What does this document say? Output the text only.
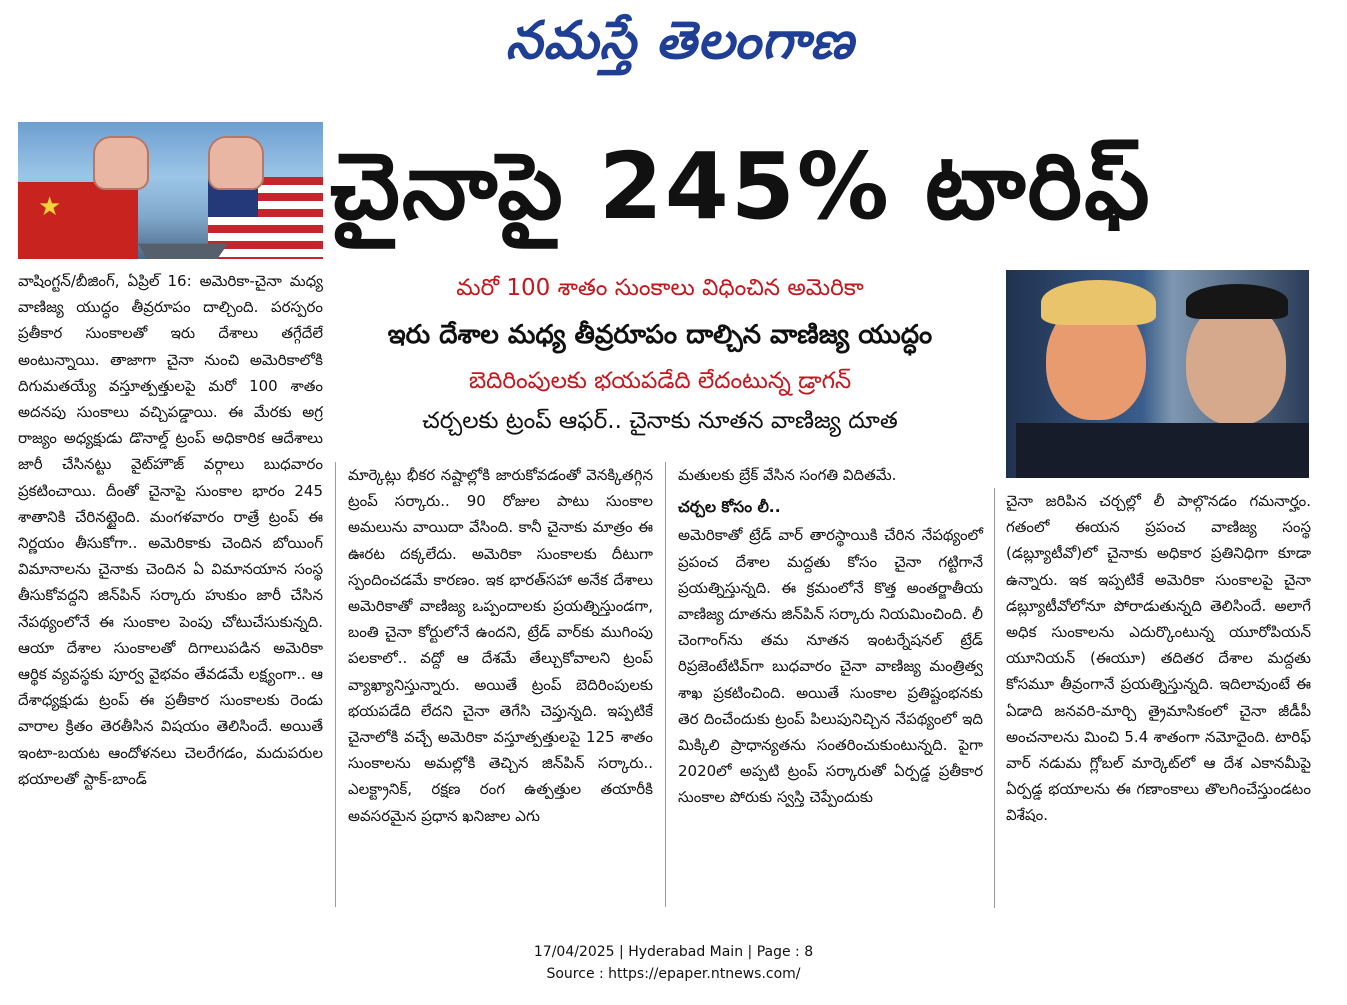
నమస్తే తెలంగాణ
★
చైనాపై 245% టారిఫ్
మరో 100 శాతం సుంకాలు విధించిన అమెరికా
ఇరు దేశాల మధ్య తీవ్రరూపం దాల్చిన వాణిజ్య యుద్ధం
బెదిరింపులకు భయపడేది లేదంటున్న డ్రాగన్
చర్చలకు ట్రంప్ ఆఫర్.. చైనాకు నూతన వాణిజ్య దూత

వాషింగ్టన్/బీజింగ్, ఏప్రిల్ 16: అమెరికా-చైనా మధ్య వాణిజ్య యుద్ధం తీవ్రరూపం దాల్చింది. పరస్పరం ప్రతీకార సుంకాలతో ఇరు దేశాలు తగ్గేదేలే అంటున్నాయి. తాజాగా చైనా నుంచి అమెరికాలోకి దిగుమతయ్యే వస్తూత్పత్తులపై మరో 100 శాతం అదనపు సుంకాలు వచ్చిపడ్డాయి. ఈ మేరకు అగ్ర రాజ్యం అధ్యక్షుడు డొనాల్డ్ ట్రంప్ అధికారిక ఆదేశాలు జారీ చేసినట్టు వైట్‌హౌజ్ వర్గాలు బుధవారం ప్రకటించాయి. దీంతో చైనాపై సుంకాల భారం 245 శాతానికి చేరినట్టైంది. మంగళవారం రాత్రే ట్రంప్ ఈ నిర్ణయం తీసుకోగా.. అమెరికాకు చెందిన బోయింగ్ విమానాలను చైనాకు చెందిన ఏ విమానయాన సంస్థ తీసుకోవద్దని జిన్‌పిన్ సర్కారు హుకుం జారీ చేసిన నేపథ్యంలోనే ఈ సుంకాల పెంపు చోటుచేసుకున్నది. ఆయా దేశాల సుంకాలతో దిగాలుపడిన అమెరికా ఆర్థిక వ్యవస్థకు పూర్వ వైభవం తేవడమే లక్ష్యంగా.. ఆ దేశాధ్యక్షుడు ట్రంప్ ఈ ప్రతీకార సుంకాలకు రెండు వారాల క్రితం తెరతీసిన విషయం తెలిసిందే. అయితే ఇంటా-బయట ఆందోళనలు చెలరేగడం, మదుపరుల భయాలతో స్టాక్-బాండ్

మార్కెట్లు భీకర నష్టాల్లోకి జారుకోవడంతో వెనక్కితగ్గిన ట్రంప్ సర్కారు.. 90 రోజుల పాటు సుంకాల అమలును వాయిదా వేసింది. కానీ చైనాకు మాత్రం ఈ ఊరట దక్కలేదు. అమెరికా సుంకాలకు దీటుగా స్పందించడమే కారణం. ఇక భారత్‌సహా అనేక దేశాలు అమెరికాతో వాణిజ్య ఒప్పందాలకు ప్రయత్నిస్తుండగా, బంతి చైనా కోర్టులోనే ఉందని, ట్రేడ్ వార్‌కు ముగింపు పలకాలో.. వద్దో ఆ దేశమే తేల్చుకోవాలని ట్రంప్ వ్యాఖ్యానిస్తున్నారు. అయితే ట్రంప్ బెదిరింపులకు భయపడేది లేదని చైనా తెగేసి చెప్తున్నది. ఇప్పటికే చైనాలోకి వచ్చే అమెరికా వస్తూత్పత్తులపై 125 శాతం సుంకాలను అమల్లోకి తెచ్చిన జిన్‌పిన్ సర్కారు.. ఎలక్ట్రానిక్, రక్షణ రంగ ఉత్పత్తుల తయారీకి అవసరమైన ప్రధాన ఖనిజాల ఎగు

మతులకు బ్రేక్ వేసిన సంగతి విదితమే.

చర్చల కోసం లీ..

అమెరికాతో ట్రేడ్ వార్ తారస్థాయికి చేరిన నేపథ్యంలో ప్రపంచ దేశాల మద్దతు కోసం చైనా గట్టిగానే ప్రయత్నిస్తున్నది. ఈ క్రమంలోనే కొత్త అంతర్జాతీయ వాణిజ్య దూతను జిన్‌పిన్ సర్కారు నియమించింది. లీ చెంగాంగ్‌ను తమ నూతన ఇంటర్నేషనల్ ట్రేడ్ రిప్రజెంటేటివ్‌గా బుధవారం చైనా వాణిజ్య మంత్రిత్వ శాఖ ప్రకటించింది. అయితే సుంకాల ప్రతిష్టంభనకు తెర దించేందుకు ట్రంప్ పిలుపునిచ్చిన నేపథ్యంలో ఇది మిక్కిలి ప్రాధాన్యతను సంతరించుకుంటున్నది. పైగా 2020లో అప్పటి ట్రంప్ సర్కారుతో ఏర్పడ్డ ప్రతీకార సుంకాల పోరుకు స్వస్తి చెప్పేందుకు

చైనా జరిపిన చర్చల్లో లీ పాల్గొనడం గమనార్హం. గతంలో ఈయన ప్రపంచ వాణిజ్య సంస్థ (డబ్ల్యూటీవో)లో చైనాకు అధికార ప్రతినిధిగా కూడా ఉన్నారు. ఇక ఇప్పటికే అమెరికా సుంకాలపై చైనా డబ్ల్యూటీవోలోనూ పోరాడుతున్నది తెలిసిందే. అలాగే అధిక సుంకాలను ఎదుర్కొంటున్న యూరోపియన్ యూనియన్ (ఈయూ) తదితర దేశాల మద్దతు కోసమూ తీవ్రంగానే ప్రయత్నిస్తున్నది. ఇదిలావుంటే ఈ ఏడాది జనవరి-మార్చి త్రైమాసికంలో చైనా జీడీపీ అంచనాలను మించి 5.4 శాతంగా నమోదైంది. టారిఫ్ వార్ నడుమ గ్లోబల్ మార్కెట్‌లో ఆ దేశ ఎకానమీపై ఏర్పడ్డ భయాలను ఈ గణాంకాలు తొలగించేస్తుండటం విశేషం.

17/04/2025 | Hyderabad Main | Page : 8
Source : https://epaper.ntnews.com/
